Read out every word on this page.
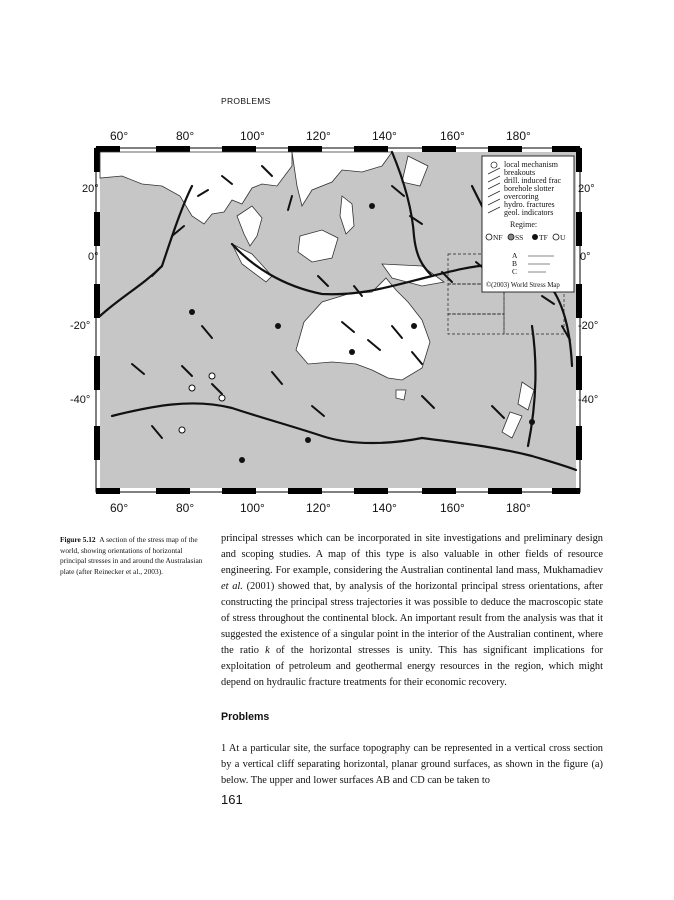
PROBLEMS
60°	80°	100°	120°	140°	160°	180°
60°	80°	100°	120°	140°	160°	180°
20°
0°
-20°
-40°
local mechanism
breakouts
drill. induced frac
borehole slotter
overcoring
hydro. fractures
geol. indicators
Regime:
NF SS TF U
A
B
C
©(2003) World Stress Map
20°
0°
-20°
-40°
Figure 5.12 A section of the stress map of the world, showing orientations of horizontal principal stresses in and around the Australasian plate (after Reinecker et al., 2003).

principal stresses which can be incorporated in site investigations and preliminary design and scoping studies. A map of this type is also valuable in other fields of resource engineering. For example, considering the Australian continental land mass, Mukhamadiev et al. (2001) showed that, by analysis of the horizontal principal stress orientations, after constructing the principal stress trajectories it was possible to deduce the macroscopic state of stress throughout the continental block. An important result from the analysis was that it suggested the existence of a singular point in the interior of the Australian continent, where the ratio k of the horizontal stresses is unity. This has significant implications for exploitation of petroleum and geothermal energy resources in the region, which might depend on hydraulic fracture treatments for their economic recovery.

Problems
1 At a particular site, the surface topography can be represented in a vertical cross section by a vertical cliff separating horizontal, planar ground surfaces, as shown in the figure (a) below. The upper and lower surfaces AB and CD can be taken to
161
